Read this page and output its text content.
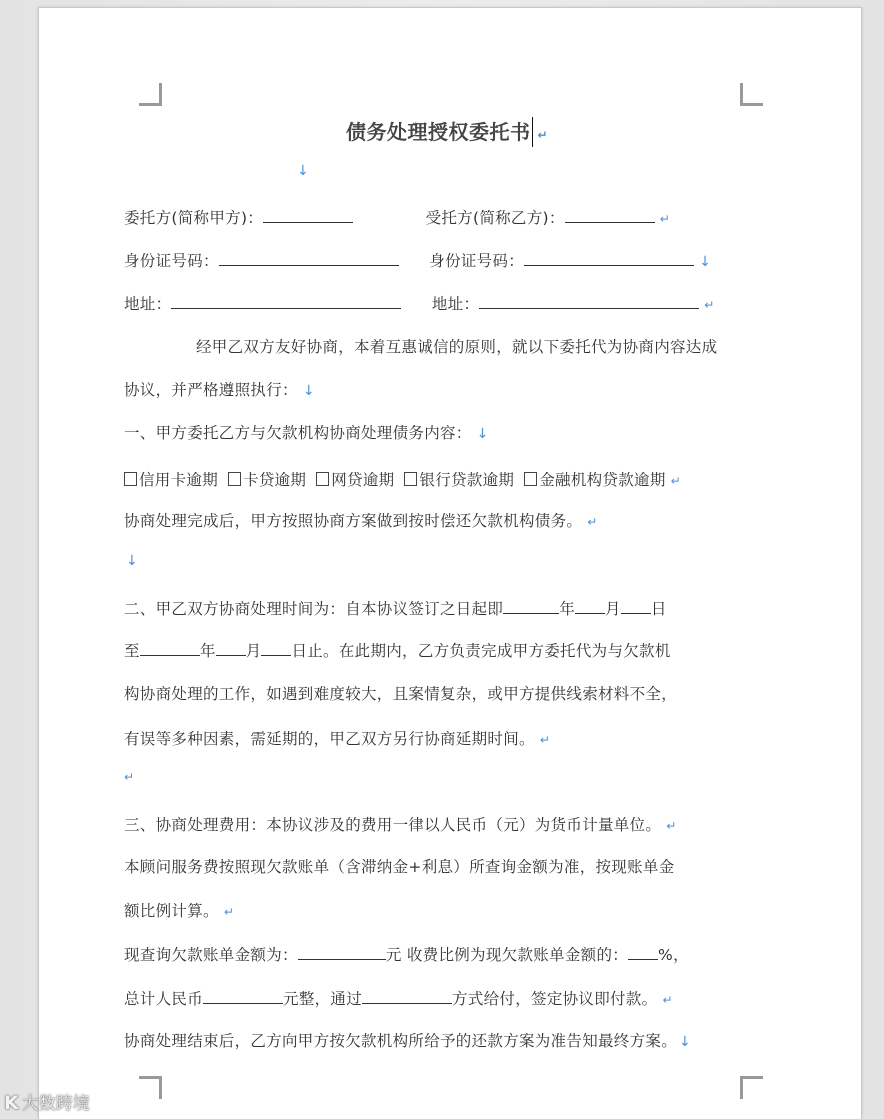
债务处理授权委托书 ↵
↓
委托方(简称甲方)：	受托方(简称乙方)：	↵
身份证号码：	身份证号码：	↓
地址：	地址：	↵
经甲乙双方友好协商，本着互惠诚信的原则，就以下委托代为协商内容达成
协议，并严格遵照执行： ↓
一、甲方委托乙方与欠款机构协商处理债务内容： ↓
信用卡逾期 卡贷逾期 网贷逾期 银行贷款逾期 金融机构贷款逾期 ↵
协商处理完成后，甲方按照协商方案做到按时偿还欠款机构债务。 ↵
↓
二、甲乙双方协商处理时间为：自本协议签订之日起即	年 月 日
至	年 月 日止。在此期内，乙方负责完成甲方委托代为与欠款机
构协商处理的工作，如遇到难度较大，且案情复杂，或甲方提供线索材料不全，
有误等多种因素，需延期的，甲乙双方另行协商延期时间。 ↵
↵
三、协商处理费用：本协议涉及的费用一律以人民币（元）为货币计量单位。 ↵
本顾问服务费按照现欠款账单（含滞纳金+利息）所查询金额为准，按现账单金
额比例计算。 ↵
现查询欠款账单金额为：	元 收费比例为现欠款账单金额的： %，
总计人民币	元整，通过	方式给付，签定协议即付款。 ↵
协商处理结束后，乙方向甲方按欠款机构所给予的还款方案为准告知最终方案。 ↓
K 大数跨境
